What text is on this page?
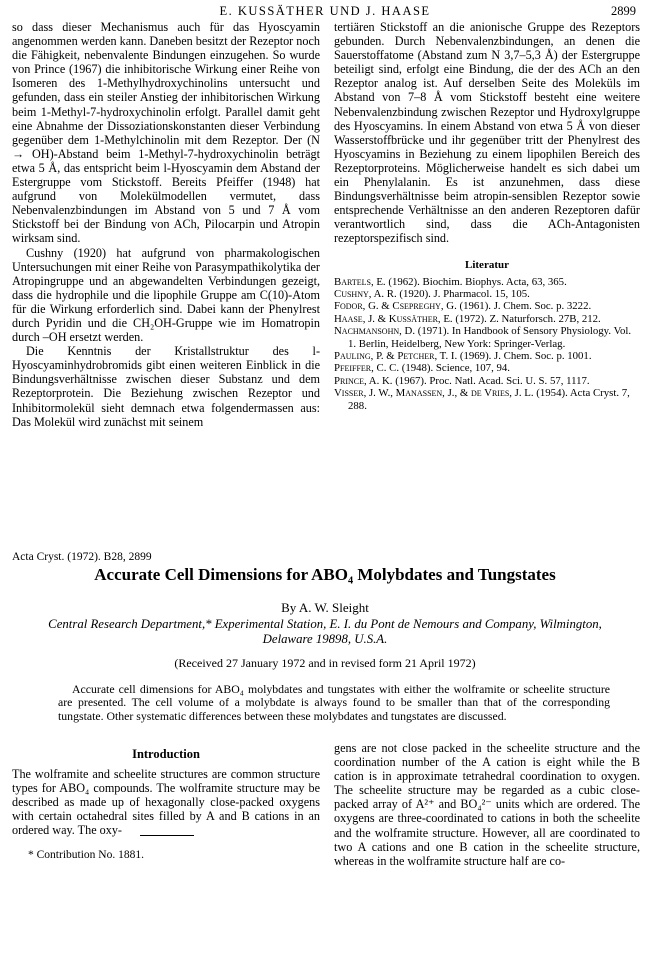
E. KUSSÄTHER UND J. HAASE	2899

so dass dieser Mechanismus auch für das Hyoscyamin angenommen werden kann. Daneben besitzt der Rezeptor noch die Fähigkeit, nebenvalente Bindungen einzugehen. So wurde von Prince (1967) die inhibitorische Wirkung einer Reihe von Isomeren des 1-Methylhydroxychinolins untersucht und gefunden, dass ein steiler Anstieg der inhibitorischen Wirkung beim 1-Methyl-7-hydroxychinolin erfolgt. Parallel damit geht eine Abnahme der Dissoziationskonstanten dieser Verbindung gegenüber dem 1-Methylchinolin mit dem Rezeptor. Der (N → OH)-Abstand beim 1-Methyl-7-hydroxychinolin beträgt etwa 5 Å, das entspricht beim l-Hyoscyamin dem Abstand der Estergruppe vom Stickstoff. Bereits Pfeiffer (1948) hat aufgrund von Molekülmodellen vermutet, dass Nebenvalenzbindungen im Abstand von 5 und 7 Å vom Stickstoff bei der Bindung von ACh, Pilocarpin und Atropin wirksam sind.

Cushny (1920) hat aufgrund von pharmakologischen Untersuchungen mit einer Reihe von Parasympathikolytika der Atropingruppe und an abgewandelten Verbindungen gezeigt, dass die hydrophile und die lipophile Gruppe am C(10)-Atom für die Wirkung erforderlich sind. Dabei kann der Phenylrest durch Pyridin und die CH₂OH-Gruppe wie im Homatropin durch –OH ersetzt werden.

Die Kenntnis der Kristallstruktur des l-Hyoscyaminhydrobromids gibt einen weiteren Einblick in die Bindungsverhältnisse zwischen dieser Substanz und dem Rezeptorprotein. Die Beziehung zwischen Rezeptor und Inhibitormolekül sieht demnach etwa folgendermassen aus: Das Molekül wird zunächst mit seinem

tertiären Stickstoff an die anionische Gruppe des Rezeptors gebunden. Durch Nebenvalenzbindungen, an denen die Sauerstoffatome (Abstand zum N 3,7–5,3 Å) der Estergruppe beteiligt sind, erfolgt eine Bindung, die der des ACh an den Rezeptor analog ist. Auf derselben Seite des Moleküls im Abstand von 7–8 Å vom Stickstoff besteht eine weitere Nebenvalenzbindung zwischen Rezeptor und Hydroxylgruppe des Hyoscyamins. In einem Abstand von etwa 5 Å von dieser Wasserstoffbrücke und ihr gegenüber tritt der Phenylrest des Hyoscyamins in Beziehung zu einem lipophilen Bereich des Rezeptorproteins. Möglicherweise handelt es sich dabei um ein Phenylalanin. Es ist anzunehmen, dass diese Bindungsverhältnisse beim atropin-sensiblen Rezeptor sowie entsprechende Verhältnisse an den anderen Rezeptoren dafür verantwortlich sind, dass die ACh-Antagonisten rezeptorspezifisch sind.

Literatur

Bartels, E. (1962). Biochim. Biophys. Acta, 63, 365.

Cushny, A. R. (1920). J. Pharmacol. 15, 105.

Fodor, G. & Csepreghy, G. (1961). J. Chem. Soc. p. 3222.

Haase, J. & Kussäther, E. (1972). Z. Naturforsch. 27B, 212.

Nachmansohn, D. (1971). In Handbook of Sensory Physiology. Vol. 1. Berlin, Heidelberg, New York: Springer-Verlag.

Pauling, P. & Petcher, T. I. (1969). J. Chem. Soc. p. 1001.

Pfeiffer, C. C. (1948). Science, 107, 94.

Prince, A. K. (1967). Proc. Natl. Acad. Sci. U. S. 57, 1117.

Visser, J. W., Manassen, J., & de Vries, J. L. (1954). Acta Cryst. 7, 288.

Acta Cryst. (1972). B28, 2899
Accurate Cell Dimensions for ABO₄ Molybdates and Tungstates
By A. W. Sleight
Central Research Department,* Experimental Station, E. I. du Pont de Nemours and Company, Wilmington, Delaware 19898, U.S.A.
(Received 27 January 1972 and in revised form 21 April 1972)
Accurate cell dimensions for ABO₄ molybdates and tungstates with either the wolframite or scheelite structure are presented. The cell volume of a molybdate is always found to be smaller than that of the corresponding tungstate. Other systematic differences between these molybdates and tungstates are discussed.
Introduction

The wolframite and scheelite structures are common structure types for ABO₄ compounds. The wolframite structure may be described as made up of hexagonally close-packed oxygens with certain octahedral sites filled by A and B cations in an ordered way. The oxy-

gens are not close packed in the scheelite structure and the coordination number of the A cation is eight while the B cation is in approximate tetrahedral coordination to oxygen. The scheelite structure may be regarded as a cubic close-packed array of A²⁺ and BO₄²⁻ units which are ordered. The oxygens are three-coordinated to cations in both the scheelite and the wolframite structure. However, all are coordinated to two A cations and one B cation in the scheelite structure, whereas in the wolframite structure half are co-

* Contribution No. 1881.
